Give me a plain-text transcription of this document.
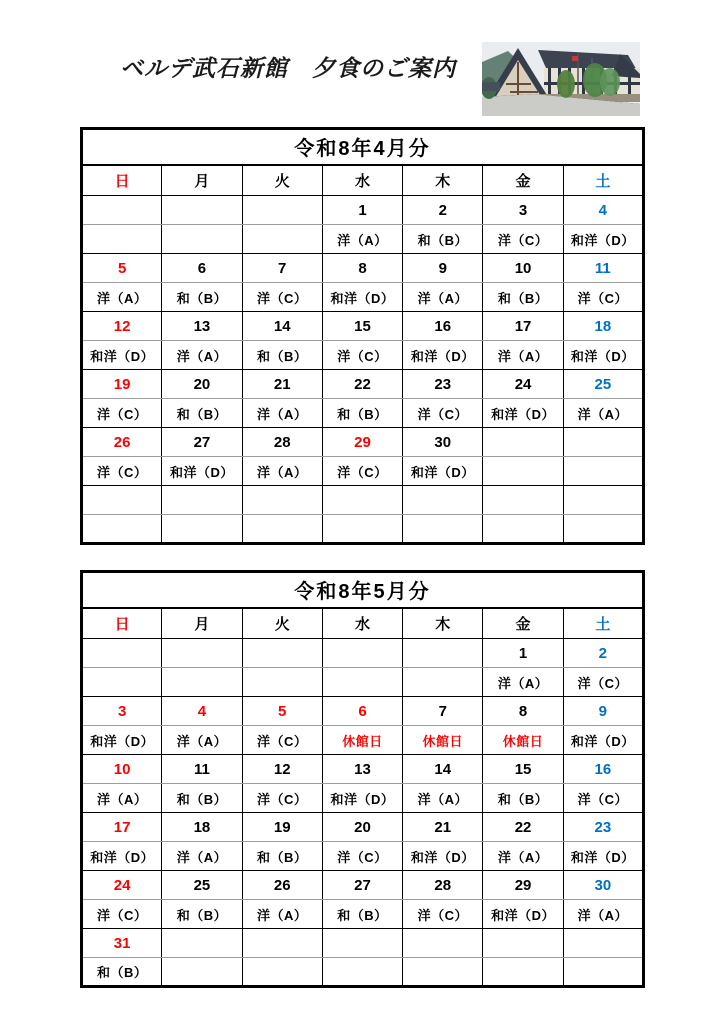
ベルデ武石新館　夕食のご案内
令和8年4月分						
日	月	火	水	木	金	土
			1	2	3	4
			洋（A）	和（B）	洋（C）	和洋（D）
5	6	7	8	9	10	11
洋（A）	和（B）	洋（C）	和洋（D）	洋（A）	和（B）	洋（C）
12	13	14	15	16	17	18
和洋（D）	洋（A）	和（B）	洋（C）	和洋（D）	洋（A）	和洋（D）
19	20	21	22	23	24	25
洋（C）	和（B）	洋（A）	和（B）	洋（C）	和洋（D）	洋（A）
26	27	28	29	30		
洋（C）	和洋（D）	洋（A）	洋（C）	和洋（D）		

令和8年5月分						
日	月	火	水	木	金	土
					1	2
					洋（A）	洋（C）
3	4	5	6	7	8	9
和洋（D）	洋（A）	洋（C）	休館日	休館日	休館日	和洋（D）
10	11	12	13	14	15	16
洋（A）	和（B）	洋（C）	和洋（D）	洋（A）	和（B）	洋（C）
17	18	19	20	21	22	23
和洋（D）	洋（A）	和（B）	洋（C）	和洋（D）	洋（A）	和洋（D）
24	25	26	27	28	29	30
洋（C）	和（B）	洋（A）	和（B）	洋（C）	和洋（D）	洋（A）
31						
和（B）						
